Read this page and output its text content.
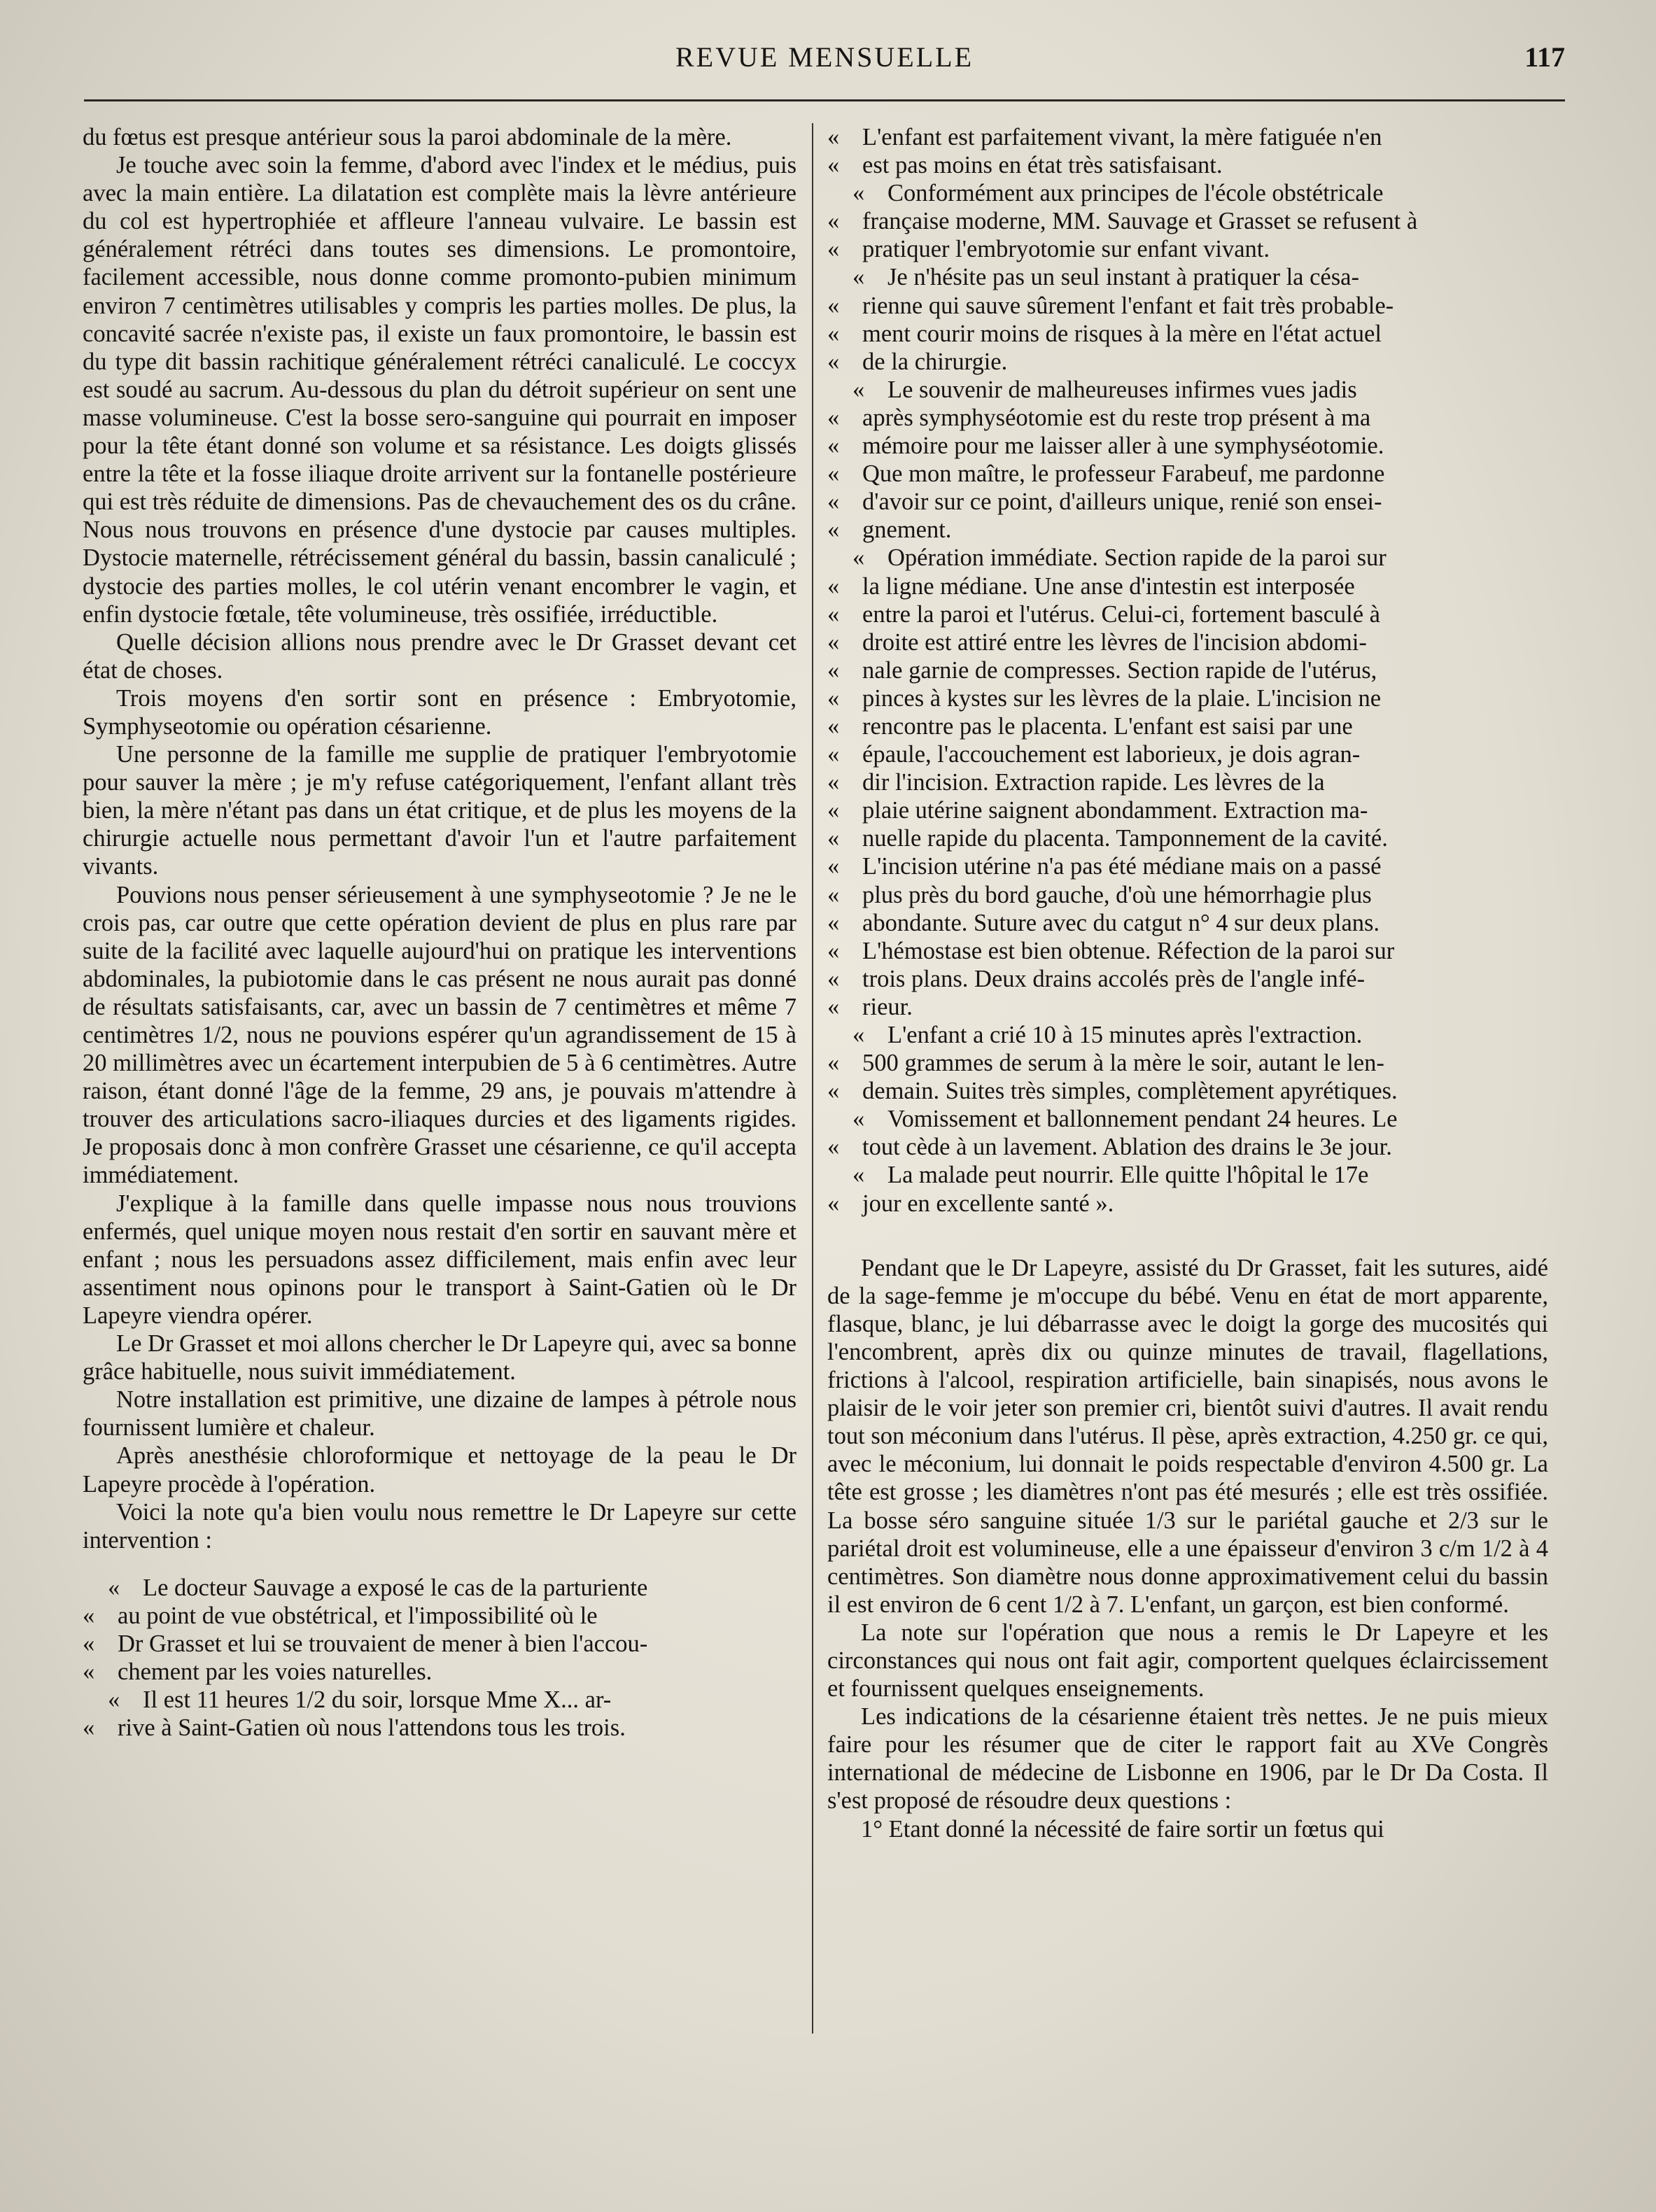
REVUE MENSUELLE	117

du fœtus est presque antérieur sous la paroi abdominale de la mère.

Je touche avec soin la femme, d'abord avec l'index et le médius, puis avec la main entière. La dilatation est complète mais la lèvre antérieure du col est hypertrophiée et affleure l'anneau vulvaire. Le bassin est généralement rétréci dans toutes ses dimensions. Le promontoire, facilement accessible, nous donne comme promonto-pubien minimum environ 7 centimètres utilisables y compris les parties molles. De plus, la concavité sacrée n'existe pas, il existe un faux promontoire, le bassin est du type dit bassin rachitique généralement rétréci canaliculé. Le coccyx est soudé au sacrum. Au-dessous du plan du détroit supérieur on sent une masse volumineuse. C'est la bosse sero-sanguine qui pourrait en imposer pour la tête étant donné son volume et sa résistance. Les doigts glissés entre la tête et la fosse iliaque droite arrivent sur la fontanelle postérieure qui est très réduite de dimensions. Pas de chevauchement des os du crâne. Nous nous trouvons en présence d'une dystocie par causes multiples. Dystocie maternelle, rétrécissement général du bassin, bassin canaliculé ; dystocie des parties molles, le col utérin venant encombrer le vagin, et enfin dystocie fœtale, tête volumineuse, très ossifiée, irréductible.

Quelle décision allions nous prendre avec le Dr Grasset devant cet état de choses.

Trois moyens d'en sortir sont en présence : Embryotomie, Symphyseotomie ou opération césarienne.

Une personne de la famille me supplie de pratiquer l'embryotomie pour sauver la mère ; je m'y refuse catégoriquement, l'enfant allant très bien, la mère n'étant pas dans un état critique, et de plus les moyens de la chirurgie actuelle nous permettant d'avoir l'un et l'autre parfaitement vivants.

Pouvions nous penser sérieusement à une symphyseotomie ? Je ne le crois pas, car outre que cette opération devient de plus en plus rare par suite de la facilité avec laquelle aujourd'hui on pratique les interventions abdominales, la pubiotomie dans le cas présent ne nous aurait pas donné de résultats satisfaisants, car, avec un bassin de 7 centimètres et même 7 centimètres 1/2, nous ne pouvions espérer qu'un agrandissement de 15 à 20 millimètres avec un écartement interpubien de 5 à 6 centimètres. Autre raison, étant donné l'âge de la femme, 29 ans, je pouvais m'attendre à trouver des articulations sacro-iliaques durcies et des ligaments rigides. Je proposais donc à mon confrère Grasset une césarienne, ce qu'il accepta immédiatement.

J'explique à la famille dans quelle impasse nous nous trouvions enfermés, quel unique moyen nous restait d'en sortir en sauvant mère et enfant ; nous les persuadons assez difficilement, mais enfin avec leur assentiment nous opinons pour le transport à Saint-Gatien où le Dr Lapeyre viendra opérer.

Le Dr Grasset et moi allons chercher le Dr Lapeyre qui, avec sa bonne grâce habituelle, nous suivit immédiatement.

Notre installation est primitive, une dizaine de lampes à pétrole nous fournissent lumière et chaleur.

Après anesthésie chloroformique et nettoyage de la peau le Dr Lapeyre procède à l'opération.

Voici la note qu'a bien voulu nous remettre le Dr Lapeyre sur cette intervention :

« Le docteur Sauvage a exposé le cas de la parturiente

« au point de vue obstétrical, et l'impossibilité où le

« Dr Grasset et lui se trouvaient de mener à bien l'accou-

« chement par les voies naturelles.

« Il est 11 heures 1/2 du soir, lorsque Mme X... ar-

« rive à Saint-Gatien où nous l'attendons tous les trois.

« L'enfant est parfaitement vivant, la mère fatiguée n'en

« est pas moins en état très satisfaisant.

« Conformément aux principes de l'école obstétricale

« française moderne, MM. Sauvage et Grasset se refusent à

« pratiquer l'embryotomie sur enfant vivant.

« Je n'hésite pas un seul instant à pratiquer la césa-

« rienne qui sauve sûrement l'enfant et fait très probable-

« ment courir moins de risques à la mère en l'état actuel

« de la chirurgie.

« Le souvenir de malheureuses infirmes vues jadis

« après symphyséotomie est du reste trop présent à ma

« mémoire pour me laisser aller à une symphyséotomie.

« Que mon maître, le professeur Farabeuf, me pardonne

« d'avoir sur ce point, d'ailleurs unique, renié son ensei-

« gnement.

« Opération immédiate. Section rapide de la paroi sur

« la ligne médiane. Une anse d'intestin est interposée

« entre la paroi et l'utérus. Celui-ci, fortement basculé à

« droite est attiré entre les lèvres de l'incision abdomi-

« nale garnie de compresses. Section rapide de l'utérus,

« pinces à kystes sur les lèvres de la plaie. L'incision ne

« rencontre pas le placenta. L'enfant est saisi par une

« épaule, l'accouchement est laborieux, je dois agran-

« dir l'incision. Extraction rapide. Les lèvres de la

« plaie utérine saignent abondamment. Extraction ma-

« nuelle rapide du placenta. Tamponnement de la cavité.

« L'incision utérine n'a pas été médiane mais on a passé

« plus près du bord gauche, d'où une hémorrhagie plus

« abondante. Suture avec du catgut n° 4 sur deux plans.

« L'hémostase est bien obtenue. Réfection de la paroi sur

« trois plans. Deux drains accolés près de l'angle infé-

« rieur.

« L'enfant a crié 10 à 15 minutes après l'extraction.

« 500 grammes de serum à la mère le soir, autant le len-

« demain. Suites très simples, complètement apyrétiques.

« Vomissement et ballonnement pendant 24 heures. Le

« tout cède à un lavement. Ablation des drains le 3e jour.

« La malade peut nourrir. Elle quitte l'hôpital le 17e

« jour en excellente santé ».

Pendant que le Dr Lapeyre, assisté du Dr Grasset, fait les sutures, aidé de la sage-femme je m'occupe du bébé. Venu en état de mort apparente, flasque, blanc, je lui débarrasse avec le doigt la gorge des mucosités qui l'encombrent, après dix ou quinze minutes de travail, flagellations, frictions à l'alcool, respiration artificielle, bain sinapisés, nous avons le plaisir de le voir jeter son premier cri, bientôt suivi d'autres. Il avait rendu tout son méconium dans l'utérus. Il pèse, après extraction, 4.250 gr. ce qui, avec le méconium, lui donnait le poids respectable d'environ 4.500 gr. La tête est grosse ; les diamètres n'ont pas été mesurés ; elle est très ossifiée. La bosse séro sanguine située 1/3 sur le pariétal gauche et 2/3 sur le pariétal droit est volumineuse, elle a une épaisseur d'environ 3 c/m 1/2 à 4 centimètres. Son diamètre nous donne approximativement celui du bassin il est environ de 6 cent 1/2 à 7. L'enfant, un garçon, est bien conformé.

La note sur l'opération que nous a remis le Dr Lapeyre et les circonstances qui nous ont fait agir, comportent quelques éclaircissement et fournissent quelques enseignements.

Les indications de la césarienne étaient très nettes. Je ne puis mieux faire pour les résumer que de citer le rapport fait au XVe Congrès international de médecine de Lisbonne en 1906, par le Dr Da Costa. Il s'est proposé de résoudre deux questions :

1° Etant donné la nécessité de faire sortir un fœtus qui
